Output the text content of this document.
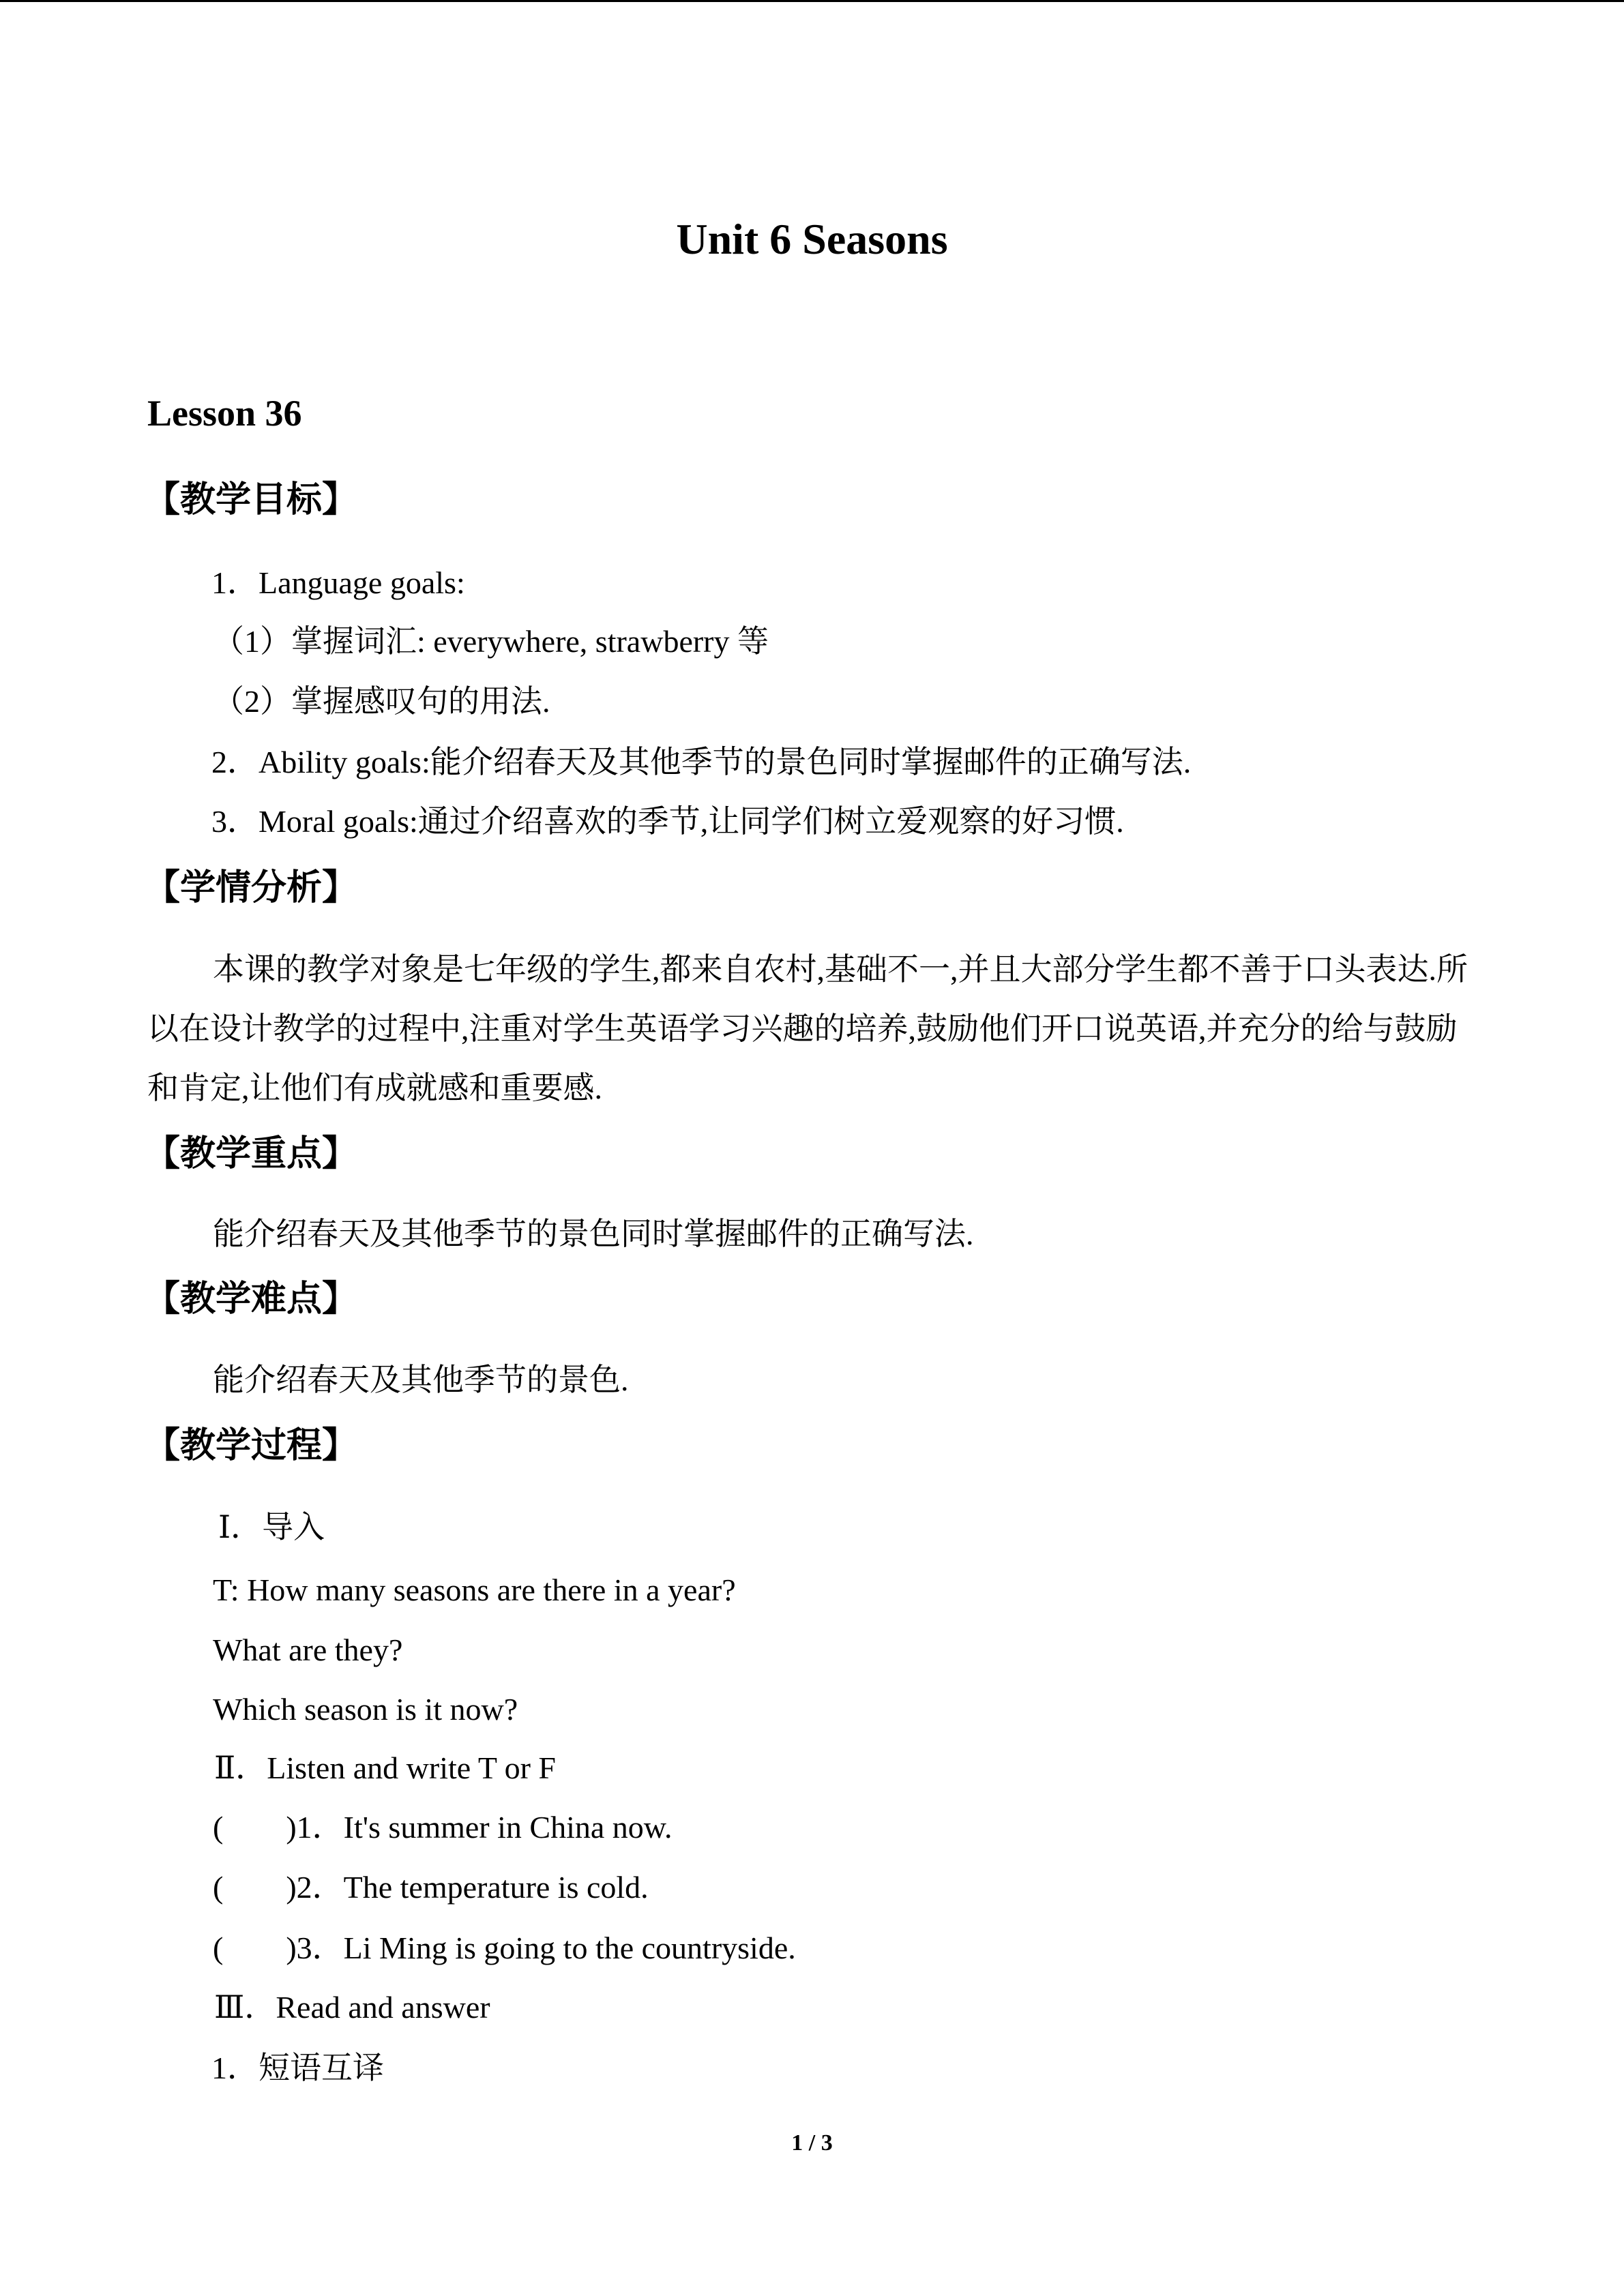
Unit 6 Seasons
Lesson 36
【教学目标】
1．Language goals:
（1）掌握词汇: everywhere, strawberry 等
（2）掌握感叹句的用法.
2．Ability goals:能介绍春天及其他季节的景色同时掌握邮件的正确写法.
3．Moral goals:通过介绍喜欢的季节,让同学们树立爱观察的好习惯.
【学情分析】
本课的教学对象是七年级的学生,都来自农村,基础不一,并且大部分学生都不善于口头表达.所以在设计教学的过程中,注重对学生英语学习兴趣的培养,鼓励他们开口说英语,并充分的给与鼓励和肯定,让他们有成就感和重要感.
【教学重点】
能介绍春天及其他季节的景色同时掌握邮件的正确写法.
【教学难点】
能介绍春天及其他季节的景色.
【教学过程】
Ⅰ．导入
T: How many seasons are there in a year?
What are they?
Which season is it now?
Ⅱ．Listen and write T or F
(        )1．It's summer in China now.
(        )2．The temperature is cold.
(        )3．Li Ming is going to the countryside.
Ⅲ．Read and answer
1．短语互译
1 / 3
